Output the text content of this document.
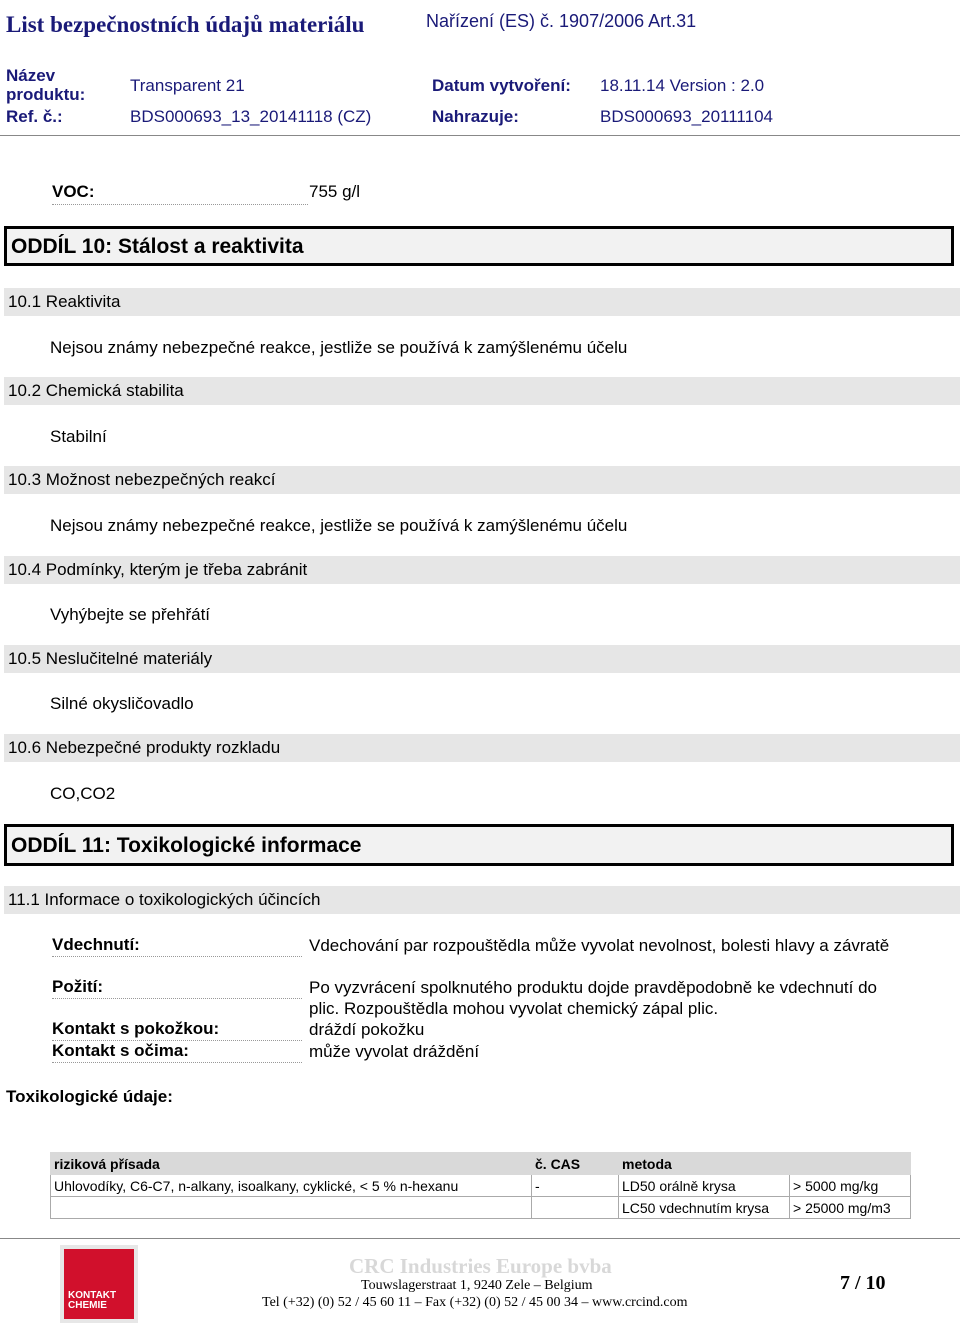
List bezpečnostních údajů materiálu	Nařízení (ES) č. 1907/2006 Art.31
Název
produktu:	Transparent 21	Datum vytvoření: 18.11.14 Version : 2.0
Ref. č.:	BDS000693_13_20141118 (CZ)	Nahrazuje:	BDS000693_20111104
VOC:	755 g/l
ODDÍL 10: Stálost a reaktivita
10.1 Reaktivita
Nejsou známy nebezpečné reakce, jestliže se používá k zamýšlenému účelu
10.2 Chemická stabilita
Stabilní
10.3 Možnost nebezpečných reakcí
Nejsou známy nebezpečné reakce, jestliže se používá k zamýšlenému účelu
10.4 Podmínky, kterým je třeba zabránit
Vyhýbejte se přehřátí
10.5 Neslučitelné materiály
Silné okysličovadlo
10.6 Nebezpečné produkty rozkladu
CO,CO2
ODDÍL 11: Toxikologické informace
11.1 Informace o toxikologických účincích
Vdechnutí:	Vdechování par rozpouštědla může vyvolat nevolnost, bolesti hlavy a závratě
Požití:	Po vyzvrácení spolknutého produktu dojde pravděpodobně ke vdechnutí do plic. Rozpouštědla mohou vyvolat chemický zápal plic.
Kontakt s pokožkou:	dráždí pokožku
Kontakt s očima:	může vyvolat dráždění
Toxikologické údaje:
riziková přísada	č. CAS	metoda	
Uhlovodíky, C6-C7, n-alkany, isoalkany, cyklické, < 5 % n-hexanu	-	LD50 orálně krysa	> 5000 mg/kg
		LC50 vdechnutím krysa	> 25000 mg/m3
KONTAKT
CHEMIE
CRC Industries Europe bvba
Touwslagerstraat 1, 9240 Zele – Belgium
Tel (+32) (0) 52 / 45 60 11 – Fax (+32) (0) 52 / 45 00 34 – www.crcind.com
7 / 10
